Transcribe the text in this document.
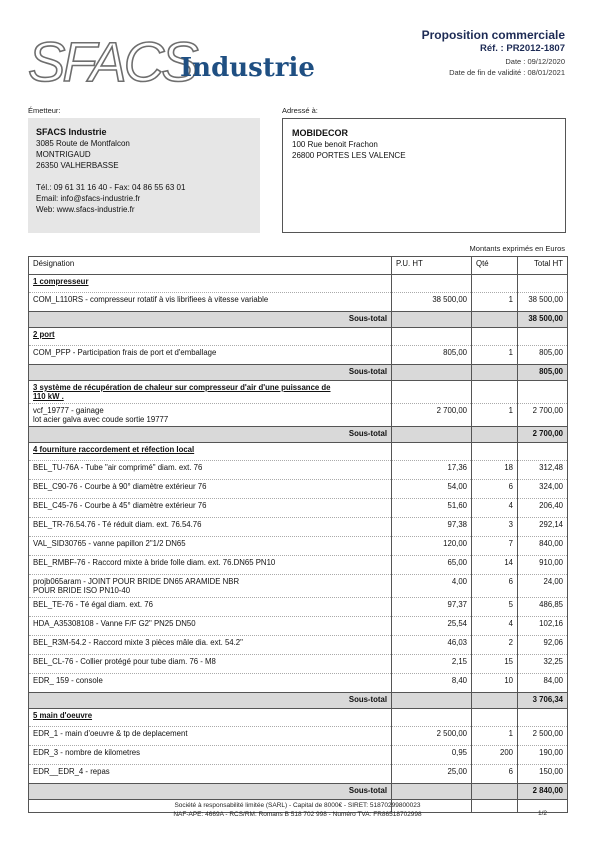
SFACS
Industrie
Proposition commerciale
Réf. : PR2012-1807
Date : 09/12/2020
Date de fin de validité : 08/01/2021
Émetteur:	Adressé à:
SFACS Industrie
3085 Route de Montfalcon
MONTRIGAUD
26350 VALHERBASSE
Tél.: 09 61 31 16 40 - Fax: 04 86 55 63 01
Email: info@sfacs-industrie.fr
Web: www.sfacs-industrie.fr
MOBIDECOR
100 Rue benoit Frachon
26800 PORTES LES VALENCE
Montants exprimés en Euros
Désignation	P.U. HT	Qté	Total HT

1 compresseur			

COM_L110RS - compresseur rotatif à vis librifiees à vitesse variable	38 500,00	1	38 500,00
Sous-total			38 500,00

2 port			

COM_PFP - Participation frais de port et d'emballage	805,00	1	805,00
Sous-total			805,00

3 système de récupération de chaleur sur compresseur d'air d'une puissance de
110 kW .			

vcf_19777 - gainage
lot acier galva avec coude sortie 19777	2 700,00	1	2 700,00
Sous-total			2 700,00

4 fourniture raccordement et réfection local			

BEL_TU-76A - Tube "air comprimé" diam. ext. 76	17,36	18	312,48

BEL_C90-76 - Courbe à 90° diamètre extérieur 76	54,00	6	324,00

BEL_C45-76 - Courbe à 45° diamètre extérieur 76	51,60	4	206,40

BEL_TR-76.54.76 - Té réduit diam. ext. 76.54.76	97,38	3	292,14

VAL_SID30765 - vanne papillon 2"1/2 DN65	120,00	7	840,00

BEL_RMBF-76 - Raccord mixte à bride folle diam. ext. 76.DN65 PN10	65,00	14	910,00

projb065aram - JOINT POUR BRIDE DN65 ARAMIDE NBR
POUR BRIDE ISO PN10-40	4,00	6	24,00

BEL_TE-76 - Té égal diam. ext. 76	97,37	5	486,85

HDA_A35308108 - Vanne F/F G2" PN25 DN50	25,54	4	102,16

BEL_R3M-54.2 - Raccord mixte 3 pièces mâle dia. ext. 54.2"	46,03	2	92,06

BEL_CL-76 - Collier protégé pour tube diam. 76 - M8	2,15	15	32,25

EDR_ 159 - console	8,40	10	84,00
Sous-total			3 706,34

5 main d'oeuvre			

EDR_1 - main d'oeuvre & tp de deplacement	2 500,00	1	2 500,00

EDR_3 - nombre de kilometres	0,95	200	190,00

EDR__EDR_4 - repas	25,00	6	150,00
Sous-total			2 840,00

Société à responsabilité limitée (SARL) - Capital de 8000€ - SIRET: 51870299800023
NAF-APE: 4669A - RCS/RM: Romans B 518 702 998 - Numéro TVA: FR86518702998	1/2
